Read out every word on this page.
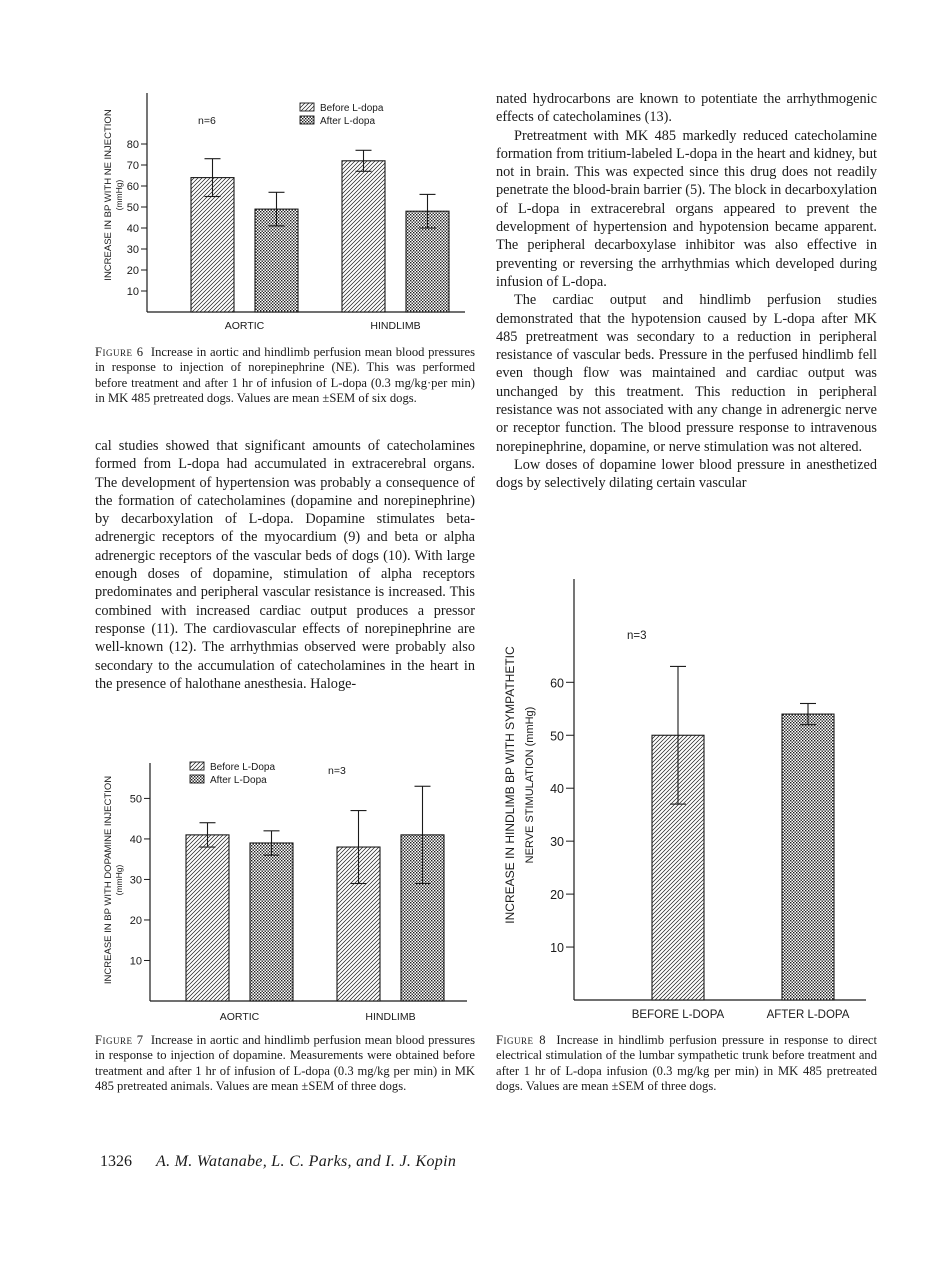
10
20
30
40
50
60
70
80
INCREASE IN BP WITH NE INJECTION (mmHg)
AORTIC	HINDLIMB
Before L-dopa
After L-dopa
n=6

Figure 6 Increase in aortic and hindlimb perfusion mean blood pressures in response to injection of norepinephrine (NE). This was performed before treatment and after 1 hr of infusion of L-dopa (0.3 mg/kg·per min) in MK 485 pretreated dogs. Values are mean ±SEM of six dogs.

cal studies showed that significant amounts of catecholamines formed from L-dopa had accumulated in extracerebral organs. The development of hypertension was probably a consequence of the formation of catecholamines (dopamine and norepinephrine) by decarboxylation of L-dopa. Dopamine stimulates beta-adrenergic receptors of the myocardium (9) and beta or alpha adrenergic receptors of the vascular beds of dogs (10). With large enough doses of dopamine, stimulation of alpha receptors predominates and peripheral vascular resistance is increased. This combined with increased cardiac output produces a pressor response (11). The cardiovascular effects of norepinephrine are well-known (12). The arrhythmias observed were probably also secondary to the accumulation of catecholamines in the heart in the presence of halothane anesthesia. Haloge-

10
20
30
40
50
INCREASE IN BP WITH DOPAMINE INJECTION (mmHg)
AORTIC	HINDLIMB
Before L-Dopa
After L-Dopa
n=3

Figure 7 Increase in aortic and hindlimb perfusion mean blood pressures in response to injection of dopamine. Measurements were obtained before treatment and after 1 hr of infusion of L-dopa (0.3 mg/kg per min) in MK 485 pretreated animals. Values are mean ±SEM of three dogs.

nated hydrocarbons are known to potentiate the arrhythmogenic effects of catecholamines (13).

Pretreatment with MK 485 markedly reduced catecholamine formation from tritium-labeled L-dopa in the heart and kidney, but not in brain. This was expected since this drug does not readily penetrate the blood-brain barrier (5). The block in decarboxylation of L-dopa in extracerebral organs appeared to prevent the development of hypertension and hypotension became apparent. The peripheral decarboxylase inhibitor was also effective in preventing or reversing the arrhythmias which developed during infusion of L-dopa.

The cardiac output and hindlimb perfusion studies demonstrated that the hypotension caused by L-dopa after MK 485 pretreatment was secondary to a reduction in peripheral resistance of vascular beds. Pressure in the perfused hindlimb fell even though flow was maintained and cardiac output was unchanged by this treatment. This reduction in peripheral resistance was not associated with any change in adrenergic nerve or receptor function. The blood pressure response to intravenous norepinephrine, dopamine, or nerve stimulation was not altered.

Low doses of dopamine lower blood pressure in anesthetized dogs by selectively dilating certain vascular

10
20
30
40
50
60
INCREASE IN HINDLIMB BP WITH SYMPATHETIC NERVE STIMULATION (mmHg)
BEFORE L-DOPA	AFTER L-DOPA
n=3

Figure 8 Increase in hindlimb perfusion pressure in response to direct electrical stimulation of the lumbar sympathetic trunk before treatment and after 1 hr of L-dopa infusion (0.3 mg/kg per min) in MK 485 pretreated dogs. Values are mean ±SEM of three dogs.

1326 A. M. Watanabe, L. C. Parks, and I. J. Kopin
